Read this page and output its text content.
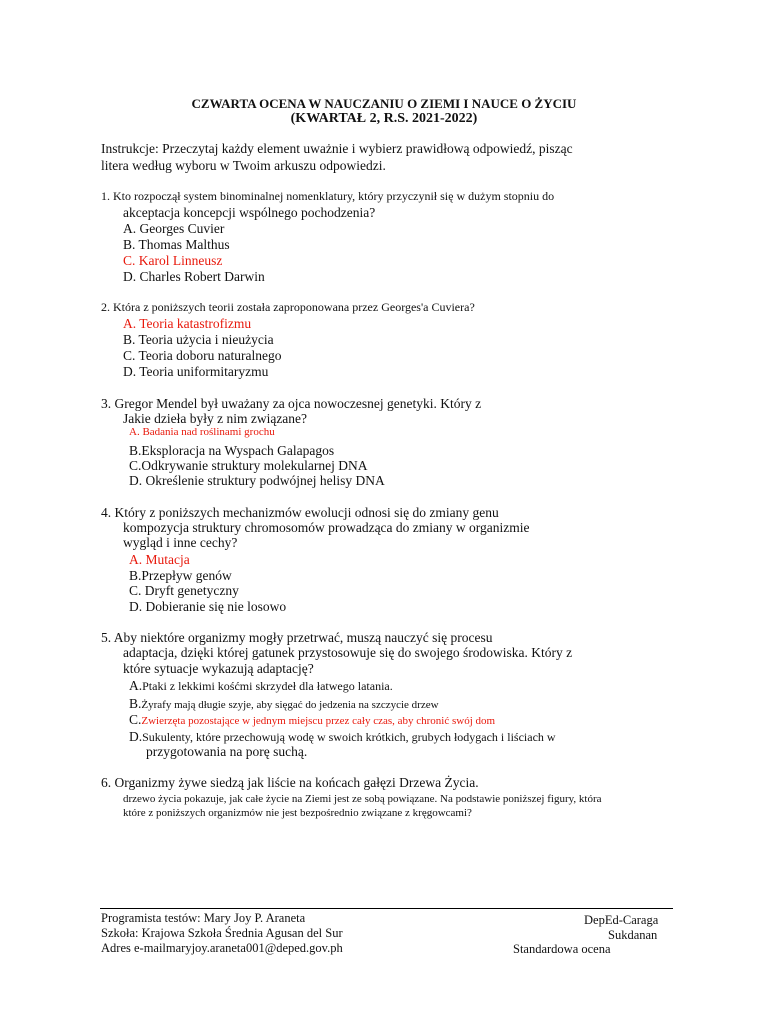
CZWARTA OCENA W NAUCZANIU O ZIEMI I NAUCE O ŻYCIU
(KWARTAŁ 2, R.S. 2021-2022)
Instrukcje: Przeczytaj każdy element uważnie i wybierz prawidłową odpowiedź, pisząc
litera według wyboru w Twoim arkuszu odpowiedzi.
1. Kto rozpoczął system binominalnej nomenklatury, który przyczynił się w dużym stopniu do
akceptacja koncepcji wspólnego pochodzenia?
A. Georges Cuvier
B. Thomas Malthus
C. Karol Linneusz
D. Charles Robert Darwin
2. Która z poniższych teorii została zaproponowana przez Georges'a Cuviera?
A. Teoria katastrofizmu
B. Teoria użycia i nieużycia
C. Teoria doboru naturalnego
D. Teoria uniformitaryzmu
3. Gregor Mendel był uważany za ojca nowoczesnej genetyki. Który z
Jakie dzieła były z nim związane?
A. Badania nad roślinami grochu
B.Eksploracja na Wyspach Galapagos
C.Odkrywanie struktury molekularnej DNA
D. Określenie struktury podwójnej helisy DNA
4. Który z poniższych mechanizmów ewolucji odnosi się do zmiany genu
kompozycja struktury chromosomów prowadząca do zmiany w organizmie
wygląd i inne cechy?
A. Mutacja
B.Przepływ genów
C. Dryft genetyczny
D. Dobieranie się nie losowo
5. Aby niektóre organizmy mogły przetrwać, muszą nauczyć się procesu
adaptacja, dzięki której gatunek przystosowuje się do swojego środowiska. Który z
które sytuacje wykazują adaptację?
A.Ptaki z lekkimi kośćmi skrzydeł dla łatwego latania.
B.Żyrafy mają długie szyje, aby sięgać do jedzenia na szczycie drzew
C.Zwierzęta pozostające w jednym miejscu przez cały czas, aby chronić swój dom
D.Sukulenty, które przechowują wodę w swoich krótkich, grubych łodygach i liściach w
przygotowania na porę suchą.
6. Organizmy żywe siedzą jak liście na końcach gałęzi Drzewa Życia.
drzewo życia pokazuje, jak całe życie na Ziemi jest ze sobą powiązane. Na podstawie poniższej figury, która
które z poniższych organizmów nie jest bezpośrednio związane z kręgowcami?
Programista testów: Mary Joy P. Araneta
Szkoła: Krajowa Szkoła Średnia Agusan del Sur
Adres e-mailmaryjoy.araneta001@deped.gov.ph
DepEd-Caraga
Sukdanan
Standardowa ocena
